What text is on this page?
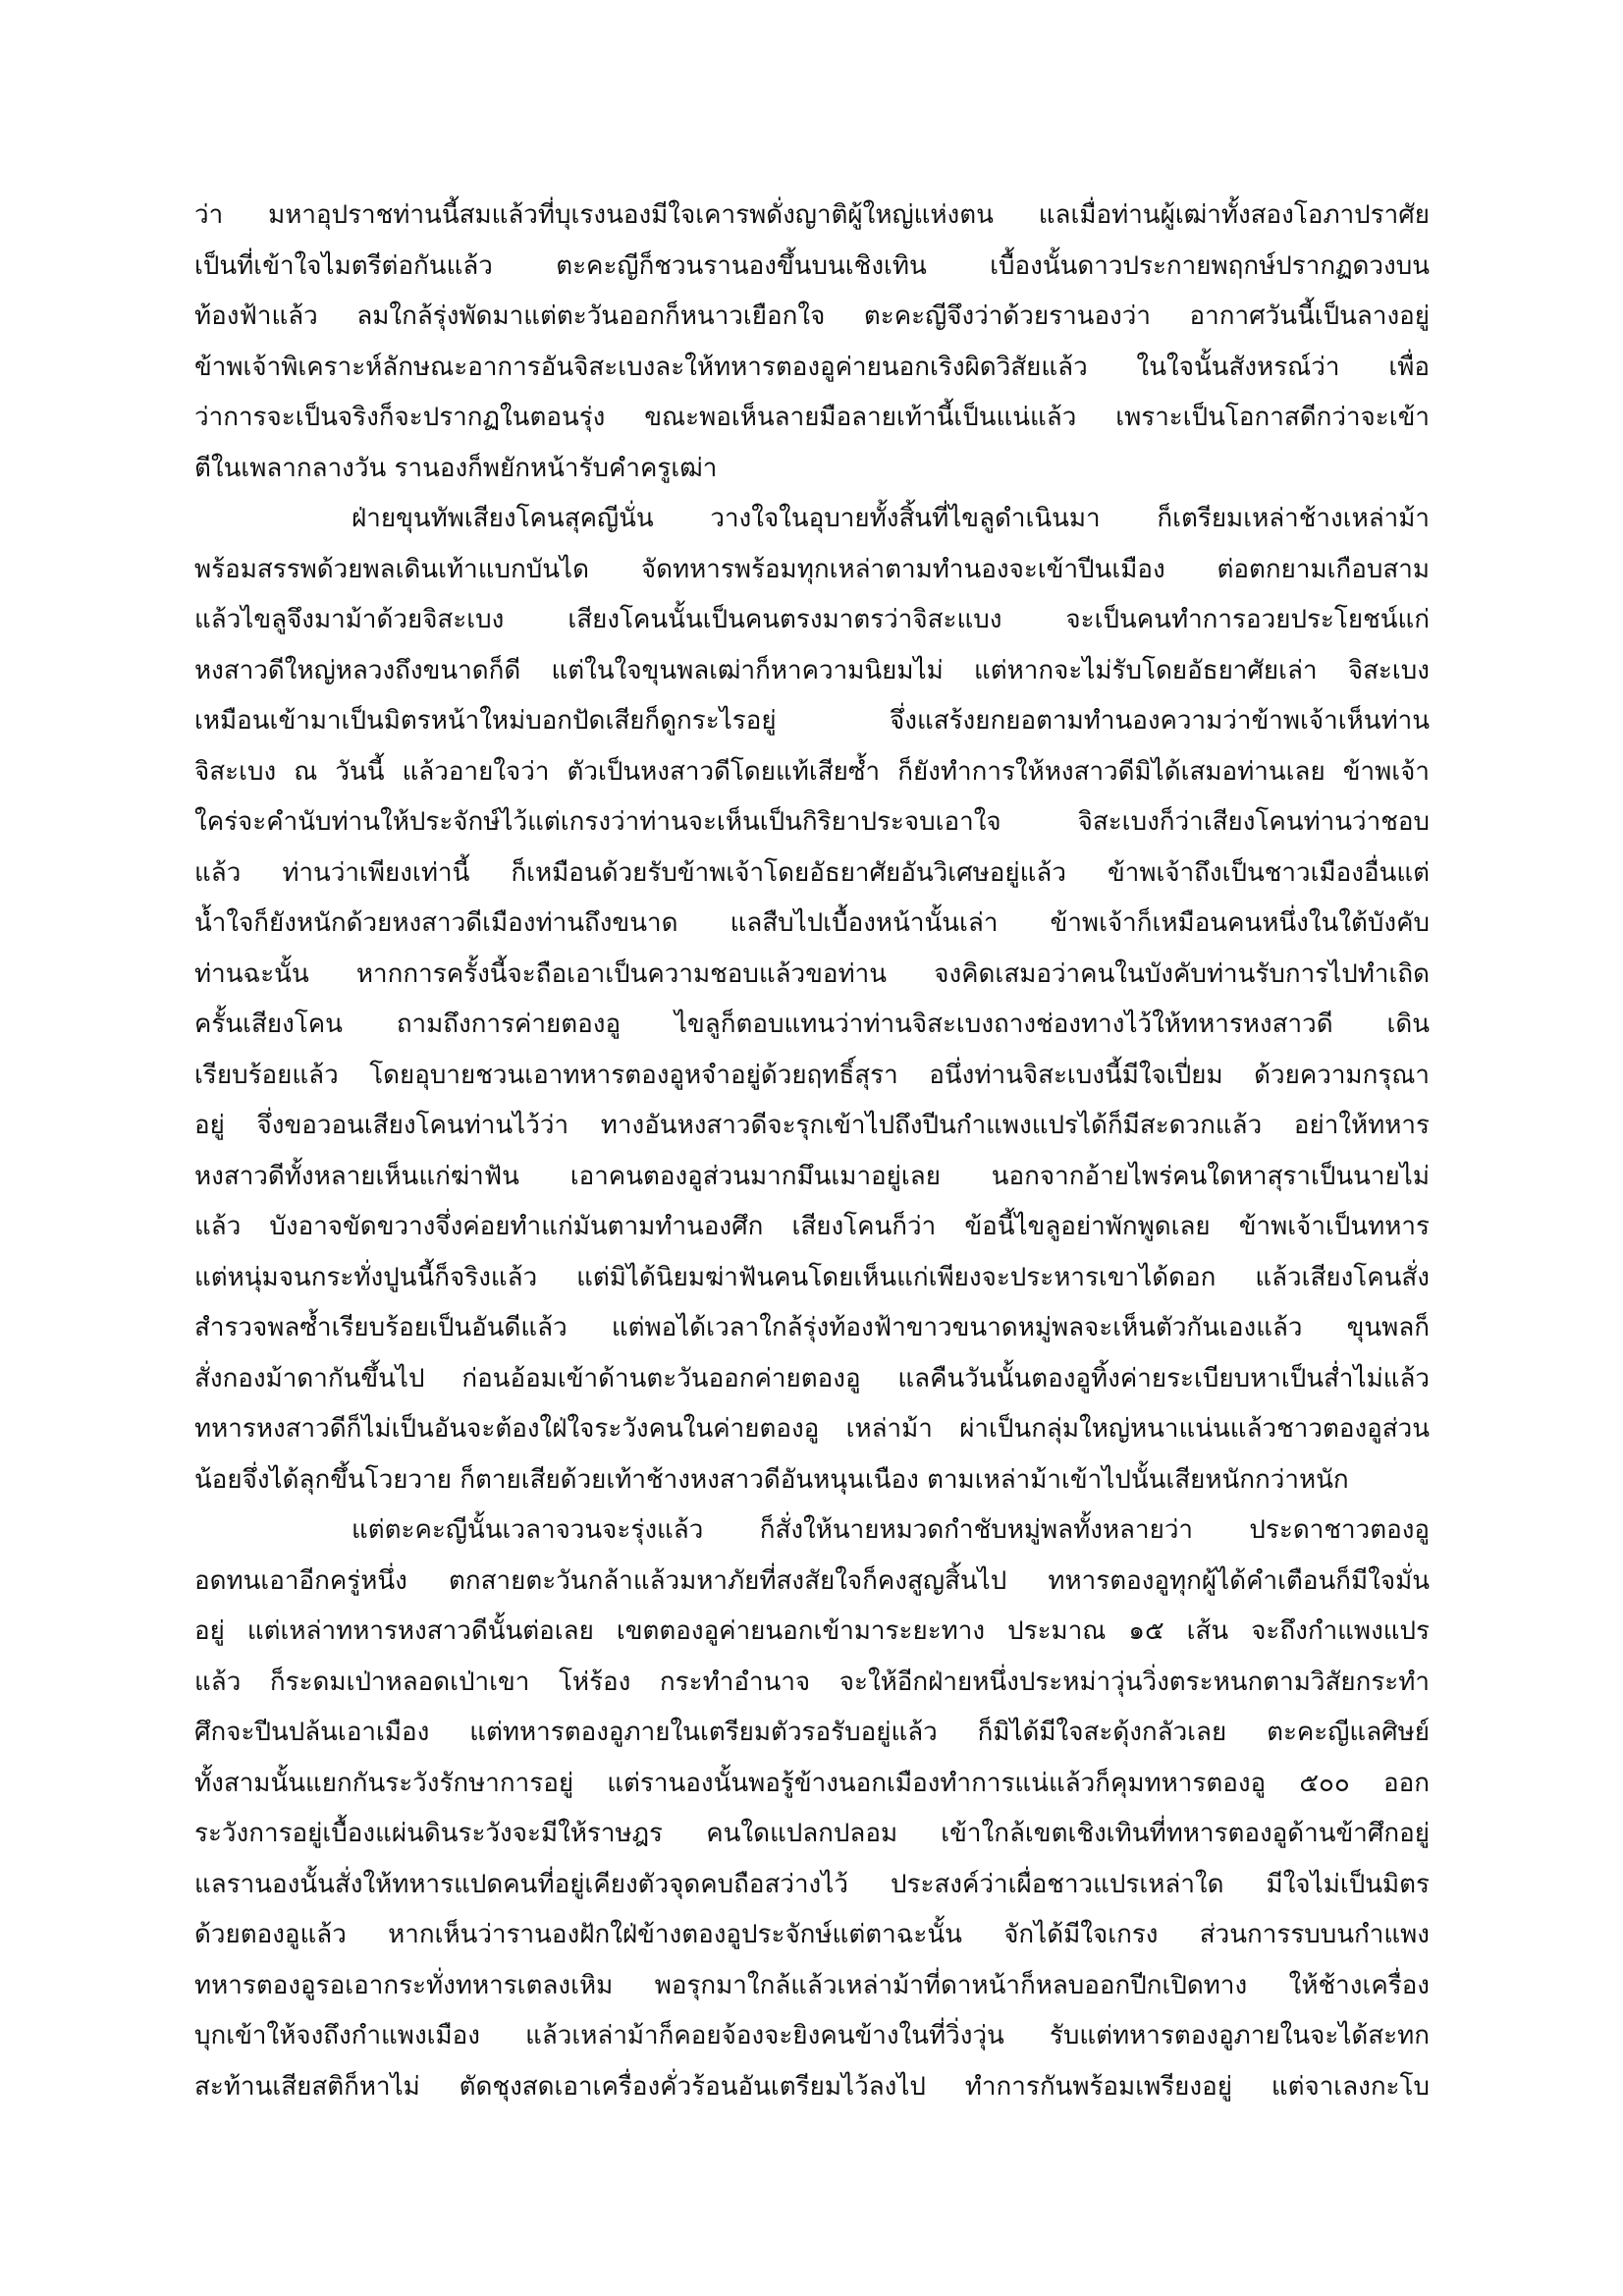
ว่า มหาอุปราชท่านนี้สมแล้วที่บุเรงนองมีใจเคารพดั่งญาติผู้ใหญ่แห่งตน แลเมื่อท่านผู้เฒ่าทั้งสองโอภาปราศัย
เป็นที่เข้าใจไมตรีต่อกันแล้ว ตะคะญีก็ชวนรานองขึ้นบนเชิงเทิน เบื้องนั้นดาวประกายพฤกษ์ปรากฏดวงบน
ท้องฟ้าแล้ว ลมใกล้รุ่งพัดมาแต่ตะวันออกก็หนาวเยือกใจ ตะคะญีจึงว่าด้วยรานองว่า อากาศวันนี้เป็นลางอยู่
ข้าพเจ้าพิเคราะห์ลักษณะอาการอันจิสะเบงละให้ทหารตองอูค่ายนอกเริงผิดวิสัยแล้ว ในใจนั้นสังหรณ์ว่า เพื่อ
ว่าการจะเป็นจริงก็จะปรากฏในตอนรุ่ง ขณะพอเห็นลายมือลายเท้านี้เป็นแน่แล้ว เพราะเป็นโอกาสดีกว่าจะเข้า
ตีในเพลากลางวัน รานองก็พยักหน้ารับคำครูเฒ่า
ฝ่ายขุนทัพเสียงโคนสุคญีนั่น วางใจในอุบายทั้งสิ้นที่ไขลูดำเนินมา ก็เตรียมเหล่าช้างเหล่าม้า
พร้อมสรรพด้วยพลเดินเท้าแบกบันได จัดทหารพร้อมทุกเหล่าตามทำนองจะเข้าปีนเมือง ต่อตกยามเกือบสาม
แล้วไขลูจึงมาม้าด้วยจิสะเบง เสียงโคนนั้นเป็นคนตรงมาตรว่าจิสะแบง จะเป็นคนทำการอวยประโยชน์แก่
หงสาวดีใหญ่หลวงถึงขนาดก็ดี แต่ในใจขุนพลเฒ่าก็หาความนิยมไม่ แต่หากจะไม่รับโดยอัธยาศัยเล่า จิสะเบง
เหมือนเข้ามาเป็นมิตรหน้าใหม่บอกปัดเสียก็ดูกระไรอยู่ จึ่งแสร้งยกยอตามทำนองความว่าข้าพเจ้าเห็นท่าน
จิสะเบง ณ วันนี้ แล้วอายใจว่า ตัวเป็นหงสาวดีโดยแท้เสียซ้ำ ก็ยังทำการให้หงสาวดีมิได้เสมอท่านเลย ข้าพเจ้า
ใคร่จะคำนับท่านให้ประจักษ์ไว้แต่เกรงว่าท่านจะเห็นเป็นกิริยาประจบเอาใจ จิสะเบงก็ว่าเสียงโคนท่านว่าชอบ
แล้ว ท่านว่าเพียงเท่านี้ ก็เหมือนด้วยรับข้าพเจ้าโดยอัธยาศัยอันวิเศษอยู่แล้ว ข้าพเจ้าถึงเป็นชาวเมืองอื่นแต่
น้ำใจก็ยังหนักด้วยหงสาวดีเมืองท่านถึงขนาด แลสืบไปเบื้องหน้านั้นเล่า ข้าพเจ้าก็เหมือนคนหนึ่งในใต้บังคับ
ท่านฉะนั้น หากการครั้งนี้จะถือเอาเป็นความชอบแล้วขอท่าน จงคิดเสมอว่าคนในบังคับท่านรับการไปทำเถิด
ครั้นเสียงโคน ถามถึงการค่ายตองอู ไขลูก็ตอบแทนว่าท่านจิสะเบงถางช่องทางไว้ให้ทหารหงสาวดี เดิน
เรียบร้อยแล้ว โดยอุบายชวนเอาทหารตองอูหจำอยู่ด้วยฤทธิ์สุรา อนึ่งท่านจิสะเบงนี้มีใจเปี่ยม ด้วยความกรุณา
อยู่ จึ่งขอวอนเสียงโคนท่านไว้ว่า ทางอันหงสาวดีจะรุกเข้าไปถึงปีนกำแพงแปรได้ก็มีสะดวกแล้ว อย่าให้ทหาร
หงสาวดีทั้งหลายเห็นแก่ฆ่าฟัน เอาคนตองอูส่วนมากมึนเมาอยู่เลย นอกจากอ้ายไพร่คนใดหาสุราเป็นนายไม่
แล้ว บังอาจขัดขวางจึ่งค่อยทำแก่มันตามทำนองศึก เสียงโคนก็ว่า ข้อนี้ไขลูอย่าพักพูดเลย ข้าพเจ้าเป็นทหาร
แต่หนุ่มจนกระทั่งปูนนี้ก็จริงแล้ว แต่มิได้นิยมฆ่าฟันคนโดยเห็นแก่เพียงจะประหารเขาได้ดอก แล้วเสียงโคนสั่ง
สำรวจพลซ้ำเรียบร้อยเป็นอันดีแล้ว แต่พอได้เวลาใกล้รุ่งท้องฟ้าขาวขนาดหมู่พลจะเห็นตัวกันเองแล้ว ขุนพลก็
สั่งกองม้าดากันขึ้นไป ก่อนอ้อมเข้าด้านตะวันออกค่ายตองอู แลคืนวันนั้นตองอูทิ้งค่ายระเบียบหาเป็นส่ำไม่แล้ว
ทหารหงสาวดีก็ไม่เป็นอันจะต้องใฝ่ใจระวังคนในค่ายตองอู เหล่าม้า ผ่าเป็นกลุ่มใหญ่หนาแน่นแล้วชาวตองอูส่วน
น้อยจึ่งได้ลุกขึ้นโวยวาย ก็ตายเสียด้วยเท้าช้างหงสาวดีอันหนุนเนือง ตามเหล่าม้าเข้าไปนั้นเสียหนักกว่าหนัก
แต่ตะคะญีนั้นเวลาจวนจะรุ่งแล้ว ก็สั่งให้นายหมวดกำชับหมู่พลทั้งหลายว่า ประดาชาวตองอู
อดทนเอาอีกครู่หนึ่ง ตกสายตะวันกล้าแล้วมหาภัยที่สงสัยใจก็คงสูญสิ้นไป ทหารตองอูทุกผู้ได้คำเตือนก็มีใจมั่น
อยู่ แต่เหล่าทหารหงสาวดีนั้นต่อเลย เขตตองอูค่ายนอกเข้ามาระยะทาง ประมาณ ๑๕ เส้น จะถึงกำแพงแปร
แล้ว ก็ระดมเป่าหลอดเป่าเขา โห่ร้อง กระทำอำนาจ จะให้อีกฝ่ายหนึ่งประหม่าวุ่นวิ่งตระหนกตามวิสัยกระทำ
ศึกจะปีนปล้นเอาเมือง แต่ทหารตองอูภายในเตรียมตัวรอรับอยู่แล้ว ก็มิได้มีใจสะดุ้งกลัวเลย ตะคะญีแลศิษย์
ทั้งสามนั้นแยกกันระวังรักษาการอยู่ แต่รานองนั้นพอรู้ข้างนอกเมืองทำการแน่แล้วก็คุมทหารตองอู ๕๐๐ ออก
ระวังการอยู่เบื้องแผ่นดินระวังจะมีให้ราษฎร คนใดแปลกปลอม เข้าใกล้เขตเชิงเทินที่ทหารตองอูด้านข้าศึกอยู่
แลรานองนั้นสั่งให้ทหารแปดคนที่อยู่เคียงตัวจุดคบถือสว่างไว้ ประสงค์ว่าเผื่อชาวแปรเหล่าใด มีใจไม่เป็นมิตร
ด้วยตองอูแล้ว หากเห็นว่ารานองฝักใฝ่ข้างตองอูประจักษ์แต่ตาฉะนั้น จักได้มีใจเกรง ส่วนการรบบนกำแพง
ทหารตองอูรอเอากระทั่งทหารเตลงเหิม พอรุกมาใกล้แล้วเหล่าม้าที่ดาหน้าก็หลบออกปีกเปิดทาง ให้ช้างเครื่อง
บุกเข้าให้จงถึงกำแพงเมือง แล้วเหล่าม้าก็คอยจ้องจะยิงคนข้างในที่วิ่งวุ่น รับแต่ทหารตองอูภายในจะได้สะทก
สะท้านเสียสติก็หาไม่ ตัดชุงสดเอาเครื่องคั่วร้อนอันเตรียมไว้ลงไป ทำการกันพร้อมเพรียงอยู่ แต่จาเลงกะโบ
